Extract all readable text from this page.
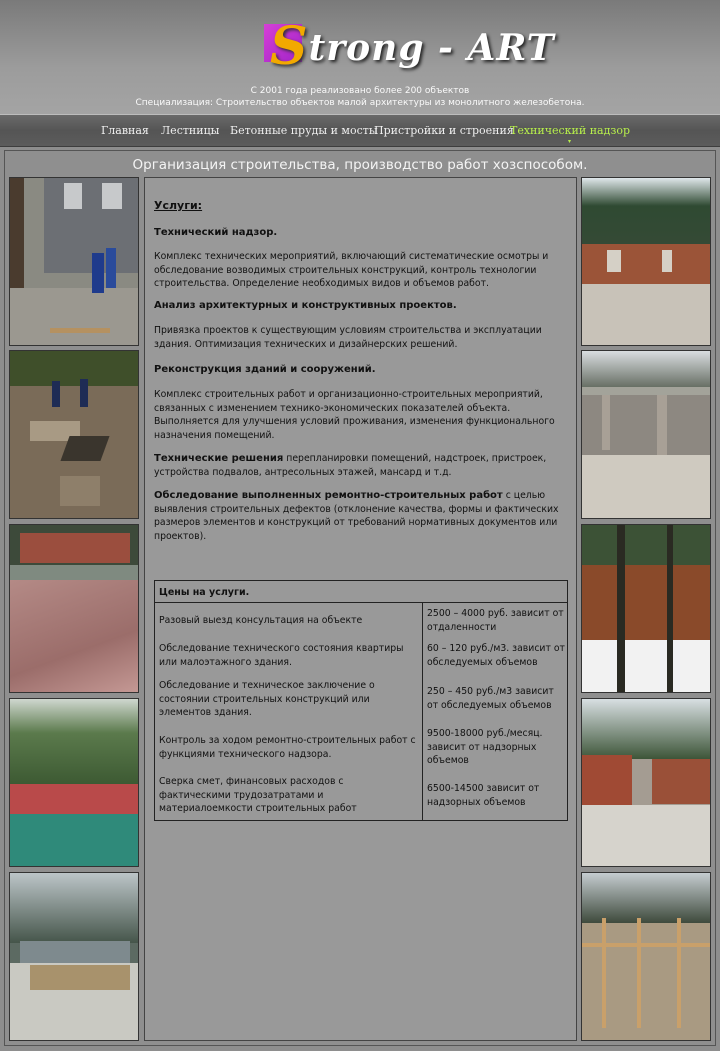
Strong - ART
С 2001 года реализовано более 200 объектов
Специализация: Строительство объектов малой архитектуры из монолитного железобетона.
Главная Лестницы Бетонные пруды и мосты
Пристройки и строения
Технический надзор
▾
Организация строительства, производство работ хозспособом.
Услуги:
Технический надзор.
Комплекс технических мероприятий, включающий систематические осмотры и обследование возводимых строительных конструкций, контроль технологии строительства. Определение необходимых видов и объемов работ.
Анализ архитектурных и конструктивных проектов.
Привязка проектов к существующим условиям строительства и эксплуатации здания. Оптимизация технических и дизайнерских решений.
Реконструкция зданий и сооружений.
Комплекс строительных работ и организационно-строительных мероприятий, связанных с изменением технико-экономических показателей объекта. Выполняется для улучшения условий проживания, изменения функционального назначения помещений.
Технические решения перепланировки помещений, надстроек, пристроек, устройства подвалов, антресольных этажей, мансард и т.д.
Обследование выполненных ремонтно-строительных работ с целью выявления строительных дефектов (отклонение качества, формы и фактических размеров элементов и конструкций от требований нормативных документов или проектов).
Цены на услуги.
Разовый выезд консультация на объекте
2500 – 4000 руб. зависит от отдаленности
Обследование технического состояния квартиры или малоэтажного здания.
60 – 120 руб./м3. зависит от обследуемых объемов
Обследование и техническое заключение о состоянии строительных конструкций или элементов здания.
250 – 450 руб./м3 зависит от обследуемых объемов
Контроль за ходом ремонтно-строительных работ с функциями технического надзора.
9500-18000 руб./месяц. зависит от надзорных объемов
Сверка смет, финансовых расходов с фактическими трудозатратами и материалоемкости строительных работ
6500-14500 зависит от надзорных объемов
